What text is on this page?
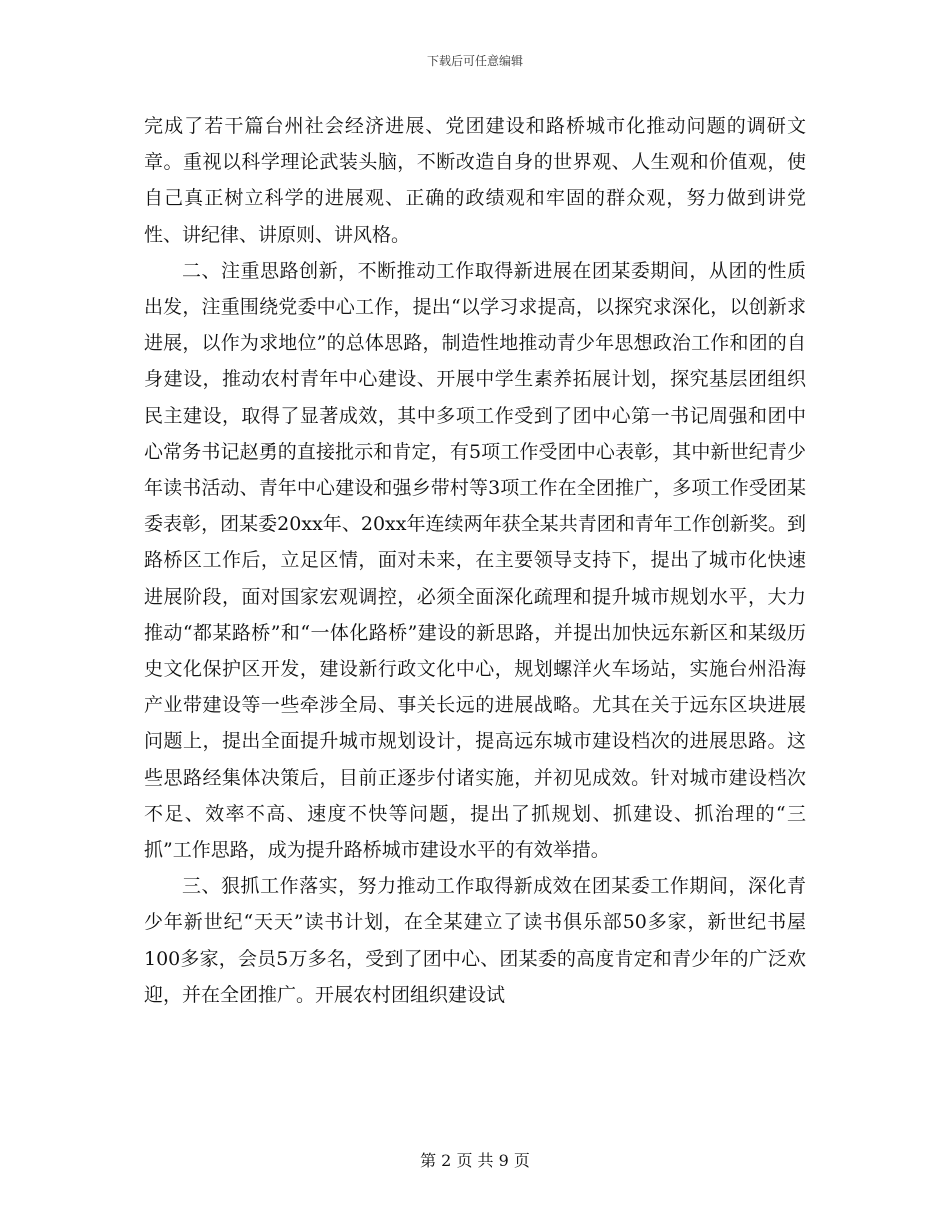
下载后可任意编辑

完成了若干篇台州社会经济进展、党团建设和路桥城市化推动问题的调研文章。重视以科学理论武装头脑，不断改造自身的世界观、人生观和价值观，使自己真正树立科学的进展观、正确的政绩观和牢固的群众观，努力做到讲党性、讲纪律、讲原则、讲风格。

二、注重思路创新，不断推动工作取得新进展在团某委期间，从团的性质出发，注重围绕党委中心工作，提出“以学习求提高，以探究求深化，以创新求进展，以作为求地位”的总体思路，制造性地推动青少年思想政治工作和团的自身建设，推动农村青年中心建设、开展中学生素养拓展计划，探究基层团组织民主建设，取得了显著成效，其中多项工作受到了团中心第一书记周强和团中心常务书记赵勇的直接批示和肯定，有5项工作受团中心表彰，其中新世纪青少年读书活动、青年中心建设和强乡带村等3项工作在全团推广，多项工作受团某委表彰，团某委20xx年、20xx年连续两年获全某共青团和青年工作创新奖。到路桥区工作后，立足区情，面对未来，在主要领导支持下，提出了城市化快速进展阶段，面对国家宏观调控，必须全面深化疏理和提升城市规划水平，大力推动“都某路桥”和“一体化路桥”建设的新思路，并提出加快远东新区和某级历史文化保护区开发，建设新行政文化中心，规划螺洋火车场站，实施台州沿海产业带建设等一些牵涉全局、事关长远的进展战略。尤其在关于远东区块进展问题上，提出全面提升城市规划设计，提高远东城市建设档次的进展思路。这些思路经集体决策后，目前正逐步付诸实施，并初见成效。针对城市建设档次不足、效率不高、速度不快等问题，提出了抓规划、抓建设、抓治理的“三抓”工作思路，成为提升路桥城市建设水平的有效举措。

三、狠抓工作落实，努力推动工作取得新成效在团某委工作期间，深化青少年新世纪“天天”读书计划，在全某建立了读书俱乐部50多家，新世纪书屋100多家，会员5万多名，受到了团中心、团某委的高度肯定和青少年的广泛欢迎，并在全团推广。开展农村团组织建设试

第 2 页 共 9 页
